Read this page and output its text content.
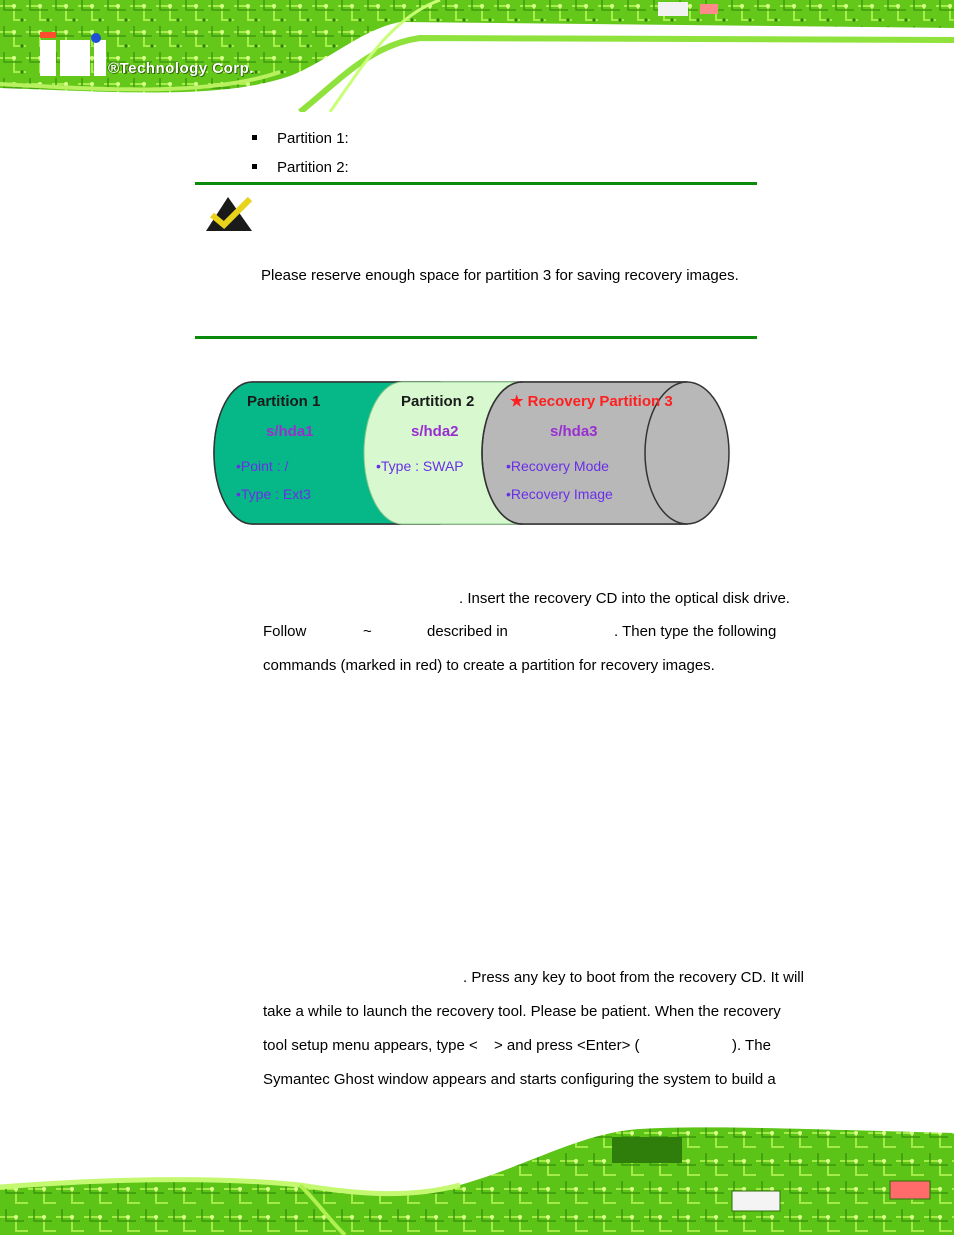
®Technology Corp.
Partition 1:
Partition 2:
Please reserve enough space for partition 3 for saving recovery images.
Partition 1
s/hda1
•Point : /
•Type : Ext3
Partition 2
s/hda2
•Type : SWAP
★ Recovery Partition 3
s/hda3
•Recovery Mode
•Recovery Image
. Insert the recovery CD into the optical disk drive.
Follow	~	described in	. Then type the following
commands (marked in red) to create a partition for recovery images.
. Press any key to boot from the recovery CD. It will
take a while to launch the recovery tool. Please be patient. When the recovery
tool setup menu appears, type < > and press <Enter> (	). The
Symantec Ghost window appears and starts configuring the system to build a
